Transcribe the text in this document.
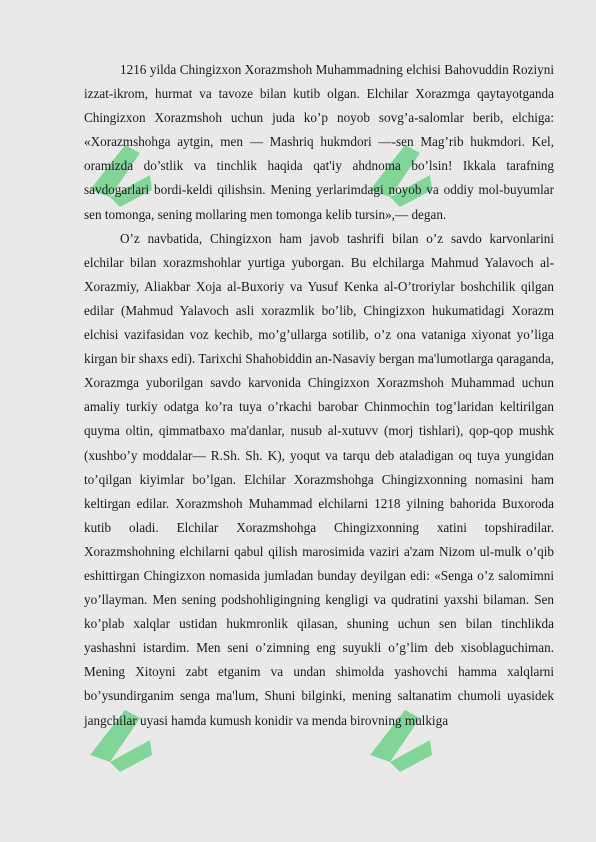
1216 yilda Chingizxon Xorazmshoh Muhammadning elchisi Bahovuddin Roziyni izzat-ikrom, hurmat va tavoze bilan kutib olgan. Elchilar Xorazmga qaytayotganda Chingizxon Xorazmshoh uchun juda ko’p noyob sovg’a-salomlar berib, elchiga: «Xorazmshohga aytgin, men — Mashriq hukmdori —-sen Mag’rib hukmdori. Kel, oramizda do’stlik va tinchlik haqida qat'iy ahdnoma bo’lsin! Ikkala tarafning savdogarlari bordi-keldi qilishsin. Mening yerlarimdagi noyob va oddiy mol-buyumlar sen tomonga, sening mollaring men tomonga kelib tursin»,— degan.

O’z navbatida, Chingizxon ham javob tashrifi bilan o’z savdo karvonlarini elchilar bilan xorazmshohlar yurtiga yuborgan. Bu elchilarga Mahmud Yalavoch al-Xorazmiy, Aliakbar Xoja al-Buxoriy va Yusuf Kenka al-O’troriylar boshchilik qilgan edilar (Mahmud Yalavoch asli xorazmlik bo’lib, Chingizxon hukumatidagi Xorazm elchisi vazifasidan voz kechib, mo’g’ullarga sotilib, o’z ona vataniga xiyonat yo’liga kirgan bir shaxs edi). Tarixchi Shahobiddin an-Nasaviy bergan ma'lumotlarga qaraganda, Xorazmga yuborilgan savdo karvonida Chingizxon Xorazmshoh Muhammad uchun amaliy turkiy odatga ko’ra tuya o’rkachi barobar Chinmochin tog’laridan keltirilgan quyma oltin, qimmatbaxo ma'danlar, nusub al-xutuvv (morj tishlari), qop-qop mushk (xushbo’y moddalar— R.Sh. Sh. K), yoqut va tarqu deb ataladigan oq tuya yungidan to’qilgan kiyimlar bo’lgan. Elchilar Xorazmshohga Chingizxonning nomasini ham keltirgan edilar. Xorazmshoh Muhammad elchilarni 1218 yilning bahorida Buxoroda kutib oladi. Elchilar Xorazmshohga Chingizxonning xatini topshiradilar. Xorazmshohning elchilarni qabul qilish marosimida vaziri a'zam Nizom ul-mulk o’qib eshittirgan Chingizxon nomasida jumladan bunday deyilgan edi: «Senga o’z salomimni yo’llayman. Men sening podshohligingning kengligi va qudratini yaxshi bilaman. Sen ko’plab xalqlar ustidan hukmronlik qilasan, shuning uchun sen bilan tinchlikda yashashni istardim. Men seni o’zimning eng suyukli o’g’lim deb xisoblaguchiman. Mening Xitoyni zabt etganim va undan shimolda yashovchi hamma xalqlarni bo’ysundirganim senga ma'lum, Shuni bilginki, mening saltanatim chumoli uyasidek jangchilar uyasi hamda kumush konidir va menda birovning mulkiga
